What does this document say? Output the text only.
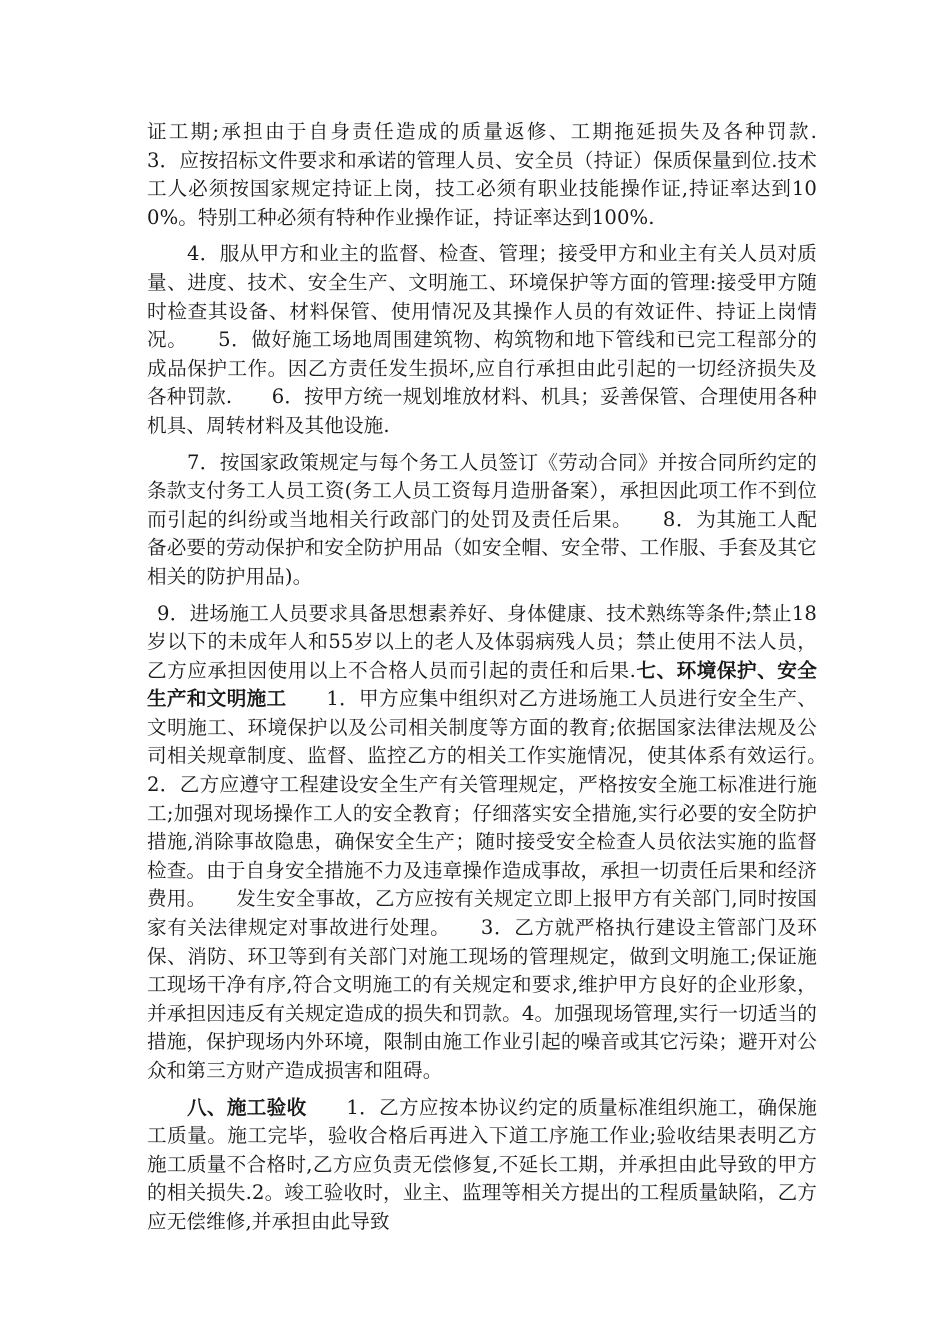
证工期;承担由于自身责任造成的质量返修、工期拖延损失及各种罚款.　　3．应按招标文件要求和承诺的管理人员、安全员（持证）保质保量到位.技术工人必须按国家规定持证上岗，技工必须有职业技能操作证,持证率达到100%。特别工种必须有特种作业操作证，持证率达到100%.

4．服从甲方和业主的监督、检查、管理；接受甲方和业主有关人员对质量、进度、技术、安全生产、文明施工、环境保护等方面的管理:接受甲方随时检查其设备、材料保管、使用情况及其操作人员的有效证件、持证上岗情况。　　5．做好施工场地周围建筑物、构筑物和地下管线和已完工程部分的成品保护工作。因乙方责任发生损坏,应自行承担由此引起的一切经济损失及各种罚款.　　6．按甲方统一规划堆放材料、机具；妥善保管、合理使用各种机具、周转材料及其他设施.

7．按国家政策规定与每个务工人员签订《劳动合同》并按合同所约定的条款支付务工人员工资(务工人员工资每月造册备案），承担因此项工作不到位而引起的纠纷或当地相关行政部门的处罚及责任后果。　　8．为其施工人配备必要的劳动保护和安全防护用品（如安全帽、安全带、工作服、手套及其它相关的防护用品)。

9．进场施工人员要求具备思想素养好、身体健康、技术熟练等条件;禁止18岁以下的未成年人和55岁以上的老人及体弱病残人员；禁止使用不法人员，乙方应承担因使用以上不合格人员而引起的责任和后果.七、环境保护、安全生产和文明施工　　1．甲方应集中组织对乙方进场施工人员进行安全生产、文明施工、环境保护以及公司相关制度等方面的教育;依据国家法律法规及公司相关规章制度、监督、监控乙方的相关工作实施情况，使其体系有效运行。　　2．乙方应遵守工程建设安全生产有关管理规定，严格按安全施工标准进行施工;加强对现场操作工人的安全教育；仔细落实安全措施,实行必要的安全防护措施,消除事故隐患，确保安全生产；随时接受安全检查人员依法实施的监督检查。由于自身安全措施不力及违章操作造成事故，承担一切责任后果和经济费用。　　发生安全事故，乙方应按有关规定立即上报甲方有关部门,同时按国家有关法律规定对事故进行处理。　　3．乙方就严格执行建设主管部门及环保、消防、环卫等到有关部门对施工现场的管理规定，做到文明施工;保证施工现场干净有序,符合文明施工的有关规定和要求,维护甲方良好的企业形象，并承担因违反有关规定造成的损失和罚款。4。加强现场管理,实行一切适当的措施，保护现场内外环境，限制由施工作业引起的噪音或其它污染；避开对公众和第三方财产造成损害和阻碍。

八、施工验收　　1．乙方应按本协议约定的质量标准组织施工，确保施工质量。施工完毕，验收合格后再进入下道工序施工作业;验收结果表明乙方施工质量不合格时,乙方应负责无偿修复,不延长工期，并承担由此导致的甲方的相关损失.2。竣工验收时，业主、监理等相关方提出的工程质量缺陷，乙方应无偿维修,并承担由此导致
